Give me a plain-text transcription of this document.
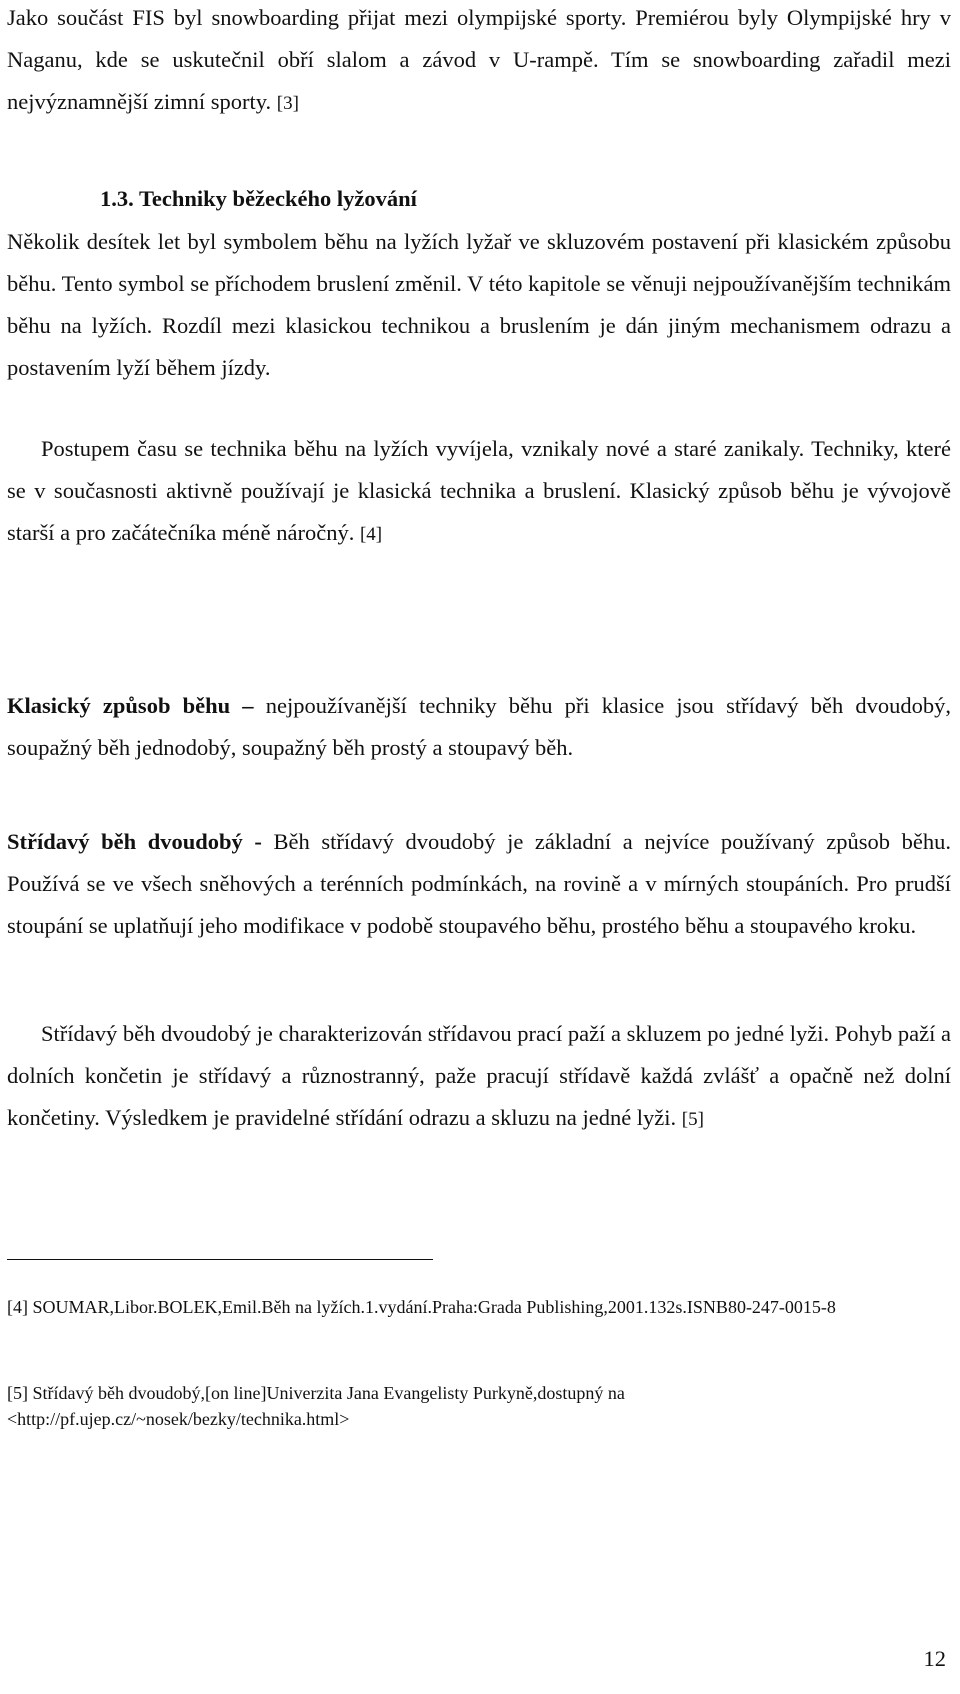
Jako součást FIS byl snowboarding přijat mezi olympijské sporty. Premiérou byly Olympijské hry v Naganu, kde se uskutečnil obří slalom a závod v U-rampě. Tím se snowboarding zařadil mezi nejvýznamnější zimní sporty. [3]

1.3. Techniky běžeckého lyžování

Několik desítek let byl symbolem běhu na lyžích lyžař ve skluzovém postavení při klasickém způsobu běhu. Tento symbol se příchodem bruslení změnil. V této kapitole se věnuji nejpoužívanějším technikám běhu na lyžích. Rozdíl mezi klasickou technikou a bruslením je dán jiným mechanismem odrazu a postavením lyží během jízdy.

Postupem času se technika běhu na lyžích vyvíjela, vznikaly nové a staré zanikaly. Techniky, které se v současnosti aktivně používají je klasická technika a bruslení. Klasický způsob běhu je vývojově starší a pro začátečníka méně náročný. [4]

Klasický způsob běhu – nejpoužívanější techniky běhu při klasice jsou střídavý běh dvoudobý, soupažný běh jednodobý, soupažný běh prostý a stoupavý běh.

Střídavý běh dvoudobý - Běh střídavý dvoudobý je základní a nejvíce používaný způsob běhu. Používá se ve všech sněhových a terénních podmínkách, na rovině a v mírných stoupáních. Pro prudší stoupání se uplatňují jeho modifikace v podobě stoupavého běhu, prostého běhu a stoupavého kroku.

Střídavý běh dvoudobý je charakterizován střídavou prací paží a skluzem po jedné lyži. Pohyb paží a dolních končetin je střídavý a různostranný, paže pracují střídavě každá zvlášť a opačně než dolní končetiny. Výsledkem je pravidelné střídání odrazu a skluzu na jedné lyži. [5]

[4] SOUMAR,Libor.BOLEK,Emil.Běh na lyžích.1.vydání.Praha:Grada Publishing,2001.132s.ISNB80-247-0015-8

[5] Střídavý běh dvoudobý,[on line]Univerzita Jana Evangelisty Purkyně,dostupný na <http://pf.ujep.cz/~nosek/bezky/technika.html>

12
